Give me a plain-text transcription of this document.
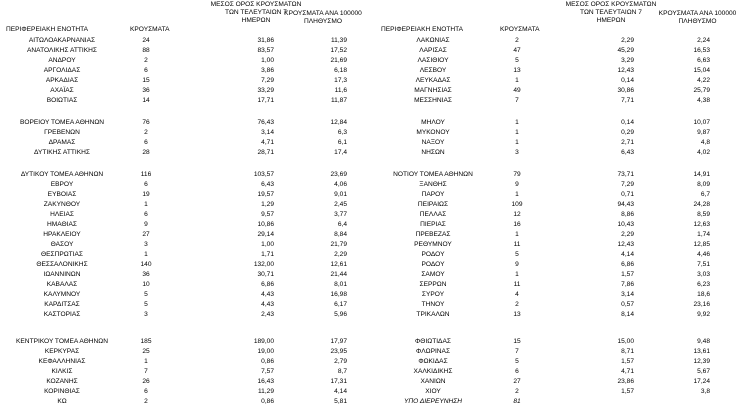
ΠΕΡΙΦΕΡΕΙΑΚΗ ΕΝΟΤΗΤΑ	ΚΡΟΥΣΜΑΤΑ
ΜΕΣΟΣ ΟΡΟΣ ΚΡΟΥΣΜΑΤΩΝ
ΤΩΝ ΤΕΛΕΥΤΑΙΩΝ 7
ΗΜΕΡΩΝ
ΚΡΟΥΣΜΑΤΑ ΑΝΑ 100000
ΠΛΗΘΥΣΜΟ
ΠΕΡΙΦΕΡΕΙΑΚΗ ΕΝΟΤΗΤΑ	ΚΡΟΥΣΜΑΤΑ
ΜΕΣΟΣ ΟΡΟΣ ΚΡΟΥΣΜΑΤΩΝ
ΤΩΝ ΤΕΛΕΥΤΑΙΩΝ 7
ΗΜΕΡΩΝ
ΚΡΟΥΣΜΑΤΑ ΑΝΑ 100000
ΠΛΗΘΥΣΜΟ
ΑΙΤΩΛΟΑΚΑΡΝΑΝΙΑΣ	24	31,86	11,39
ΑΝΑΤΟΛΙΚΗΣ ΑΤΤΙΚΗΣ	88	83,57	17,52
ΑΝΔΡΟΥ	2	1,00	21,69
ΑΡΓΟΛΙΔΑΣ	6	3,86	6,18
ΑΡΚΑΔΙΑΣ	15	7,29	17,3
ΑΧΑΪΑΣ	36	33,29	11,6
ΒΟΙΩΤΙΑΣ	14	17,71	11,87
ΒΟΡΕΙΟΥ ΤΟΜΕΑ ΑΘΗΝΩΝ	76	76,43	12,84
ΓΡΕΒΕΝΩΝ	2	3,14	6,3
ΔΡΑΜΑΣ	6	4,71	6,1
ΔΥΤΙΚΗΣ ΑΤΤΙΚΗΣ	28	28,71	17,4
ΔΥΤΙΚΟΥ ΤΟΜΕΑ ΑΘΗΝΩΝ	116	103,57	23,69
ΕΒΡΟΥ	6	6,43	4,06
ΕΥΒΟΙΑΣ	19	19,57	9,01
ΖΑΚΥΝΘΟΥ	1	1,29	2,45
ΗΛΕΙΑΣ	6	9,57	3,77
ΗΜΑΘΙΑΣ	9	10,86	6,4
ΗΡΑΚΛΕΙΟΥ	27	29,14	8,84
ΘΑΣΟΥ	3	1,00	21,79
ΘΕΣΠΡΩΤΙΑΣ	1	1,71	2,29
ΘΕΣΣΑΛΟΝΙΚΗΣ	140	132,00	12,61
ΙΩΑΝΝΙΝΩΝ	36	30,71	21,44
ΚΑΒΑΛΑΣ	10	6,86	8,01
ΚΑΛΥΜΝΟΥ	5	4,43	16,98
ΚΑΡΔΙΤΣΑΣ	5	4,43	6,17
ΚΑΣΤΟΡΙΑΣ	3	2,43	5,96
ΚΕΝΤΡΙΚΟΥ ΤΟΜΕΑ ΑΘΗΝΩΝ	185	189,00	17,97
ΚΕΡΚΥΡΑΣ	25	19,00	23,95
ΚΕΦΑΛΛΗΝΙΑΣ	1	0,86	2,79
ΚΙΛΚΙΣ	7	7,57	8,7
ΚΟΖΑΝΗΣ	26	16,43	17,31
ΚΟΡΙΝΘΙΑΣ	6	11,29	4,14
ΚΩ	2	0,86	5,81
ΛΑΚΩΝΙΑΣ	2	2,29	2,24
ΛΑΡΙΣΑΣ	47	45,29	16,53
ΛΑΣΙΘΙΟΥ	5	3,29	6,63
ΛΕΣΒΟΥ	13	12,43	15,04
ΛΕΥΚΑΔΑΣ	1	0,14	4,22
ΜΑΓΝΗΣΙΑΣ	49	30,86	25,79
ΜΕΣΣΗΝΙΑΣ	7	7,71	4,38
ΜΗΛΟΥ	1	0,14	10,07
ΜΥΚΟΝΟΥ	1	0,29	9,87
ΝΑΞΟΥ	1	2,71	4,8
ΝΗΣΩΝ	3	6,43	4,02
ΝΟΤΙΟΥ ΤΟΜΕΑ ΑΘΗΝΩΝ	79	73,71	14,91
ΞΑΝΘΗΣ	9	7,29	8,09
ΠΑΡΟΥ	1	0,71	6,7
ΠΕΙΡΑΙΩΣ	109	94,43	24,28
ΠΕΛΛΑΣ	12	8,86	8,59
ΠΙΕΡΙΑΣ	16	10,43	12,63
ΠΡΕΒΕΖΑΣ	1	2,29	1,74
ΡΕΘΥΜΝΟΥ	11	12,43	12,85
ΡΟΔΟΥ	5	4,14	4,46
ΡΟΔΟΥ	9	6,86	7,51
ΣΑΜΟΥ	1	1,57	3,03
ΣΕΡΡΩΝ	11	7,86	6,23
ΣΥΡΟΥ	4	3,14	18,6
ΤΗΝΟΥ	2	0,57	23,16
ΤΡΙΚΑΛΩΝ	13	8,14	9,92
ΦΘΙΩΤΙΔΑΣ	15	15,00	9,48
ΦΛΩΡΙΝΑΣ	7	8,71	13,61
ΦΩΚΙΔΑΣ	5	1,57	12,39
ΧΑΛΚΙΔΙΚΗΣ	6	4,71	5,67
ΧΑΝΙΩΝ	27	23,86	17,24
ΧΙΟΥ	2	1,57	3,8
ΥΠΟ ΔΙΕΡΕΥΝΗΣΗ	81
